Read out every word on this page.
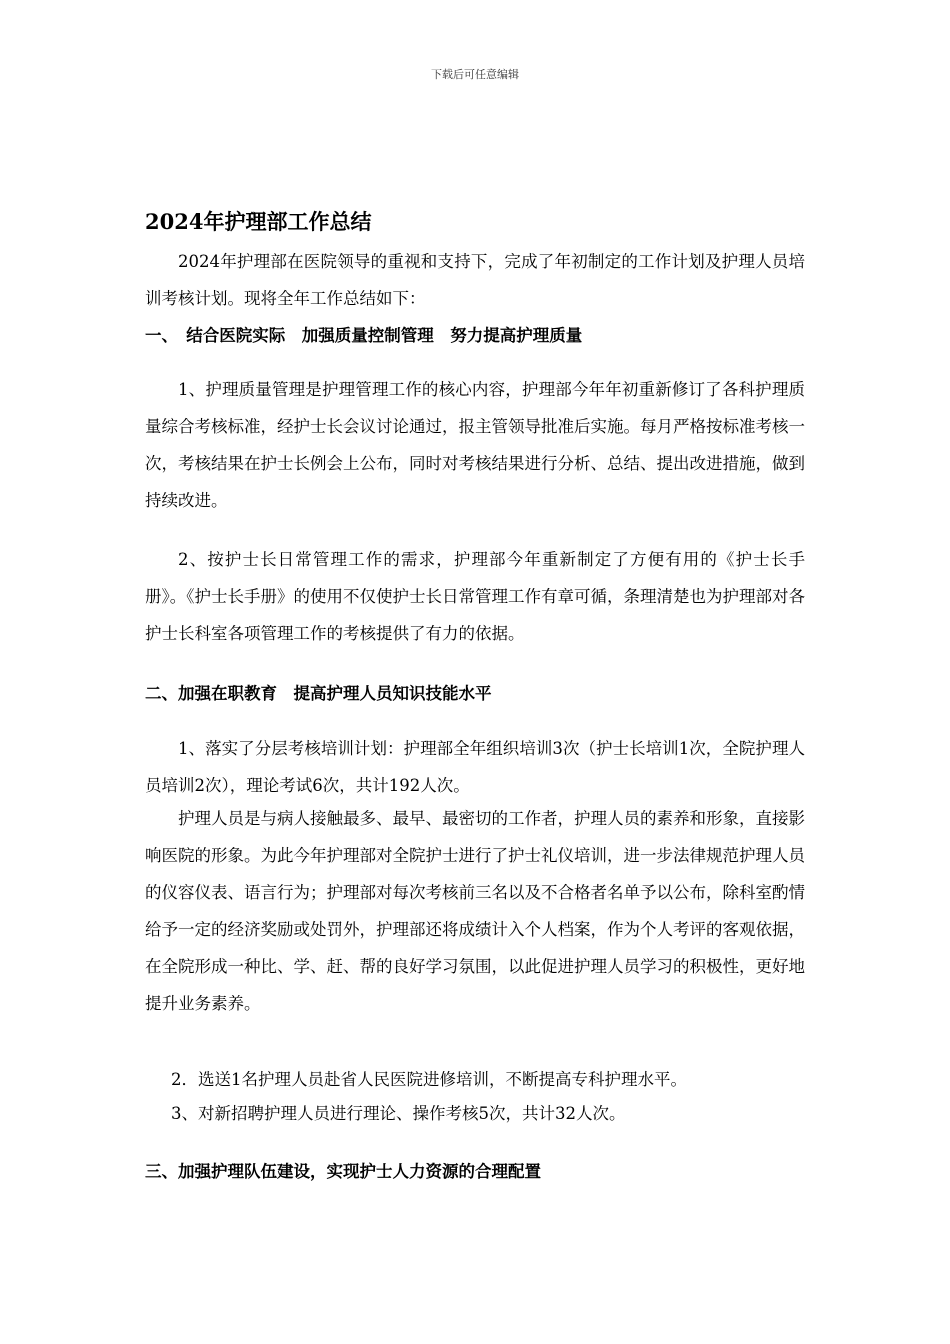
下载后可任意编辑
2024年护理部工作总结
2024年护理部在医院领导的重视和支持下，完成了年初制定的工作计划及护理人员培训考核计划。现将全年工作总结如下：
一、　结合医院实际　加强质量控制管理　努力提高护理质量
1、护理质量管理是护理管理工作的核心内容，护理部今年年初重新修订了各科护理质量综合考核标准，经护士长会议讨论通过，报主管领导批准后实施。每月严格按标准考核一次，考核结果在护士长例会上公布，同时对考核结果进行分析、总结、提出改进措施，做到持续改进。
2、按护士长日常管理工作的需求，护理部今年重新制定了方便有用的《护士长手册》。《护士长手册》的使用不仅使护士长日常管理工作有章可循，条理清楚也为护理部对各护士长科室各项管理工作的考核提供了有力的依据。
二、加强在职教育　提高护理人员知识技能水平
1、落实了分层考核培训计划：护理部全年组织培训3次（护士长培训1次，全院护理人员培训2次），理论考试6次，共计192人次。
护理人员是与病人接触最多、最早、最密切的工作者，护理人员的素养和形象，直接影响医院的形象。为此今年护理部对全院护士进行了护士礼仪培训，进一步法律规范护理人员的仪容仪表、语言行为；护理部对每次考核前三名以及不合格者名单予以公布，除科室酌情给予一定的经济奖励或处罚外，护理部还将成绩计入个人档案，作为个人考评的客观依据，在全院形成一种比、学、赶、帮的良好学习氛围，以此促进护理人员学习的积极性，更好地提升业务素养。
2．选送1名护理人员赴省人民医院进修培训，不断提高专科护理水平。
3、对新招聘护理人员进行理论、操作考核5次，共计32人次。
三、加强护理队伍建设，实现护士人力资源的合理配置
